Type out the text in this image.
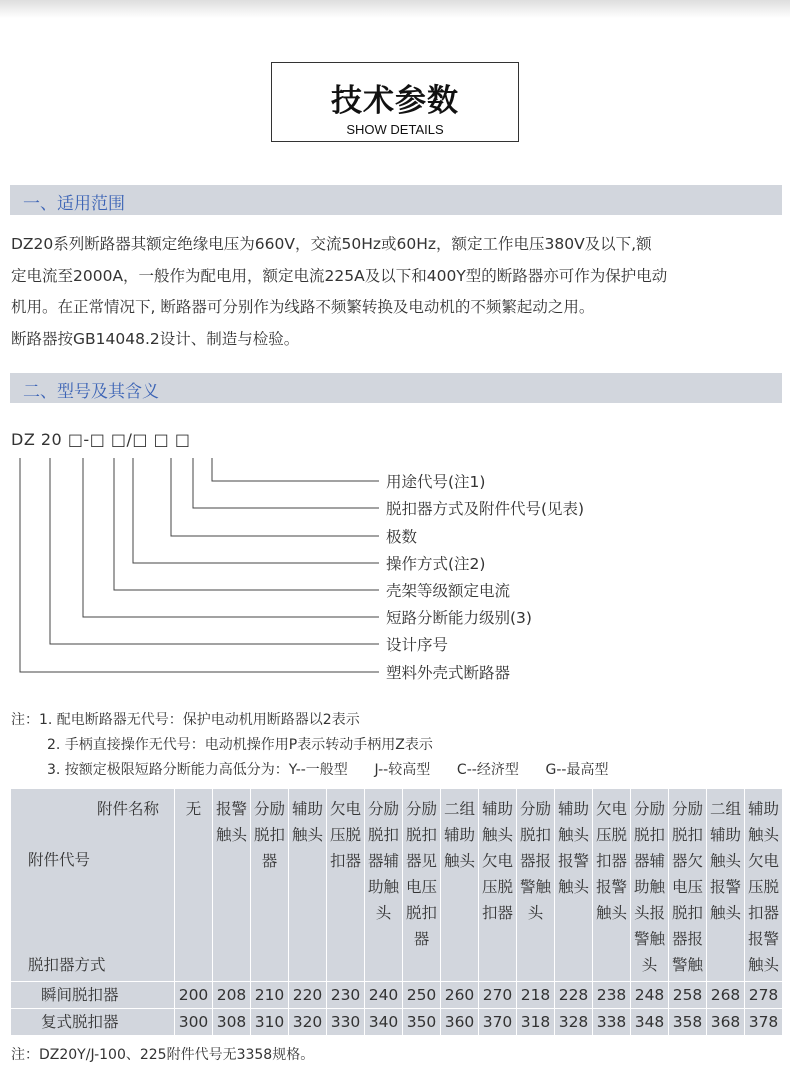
技术参数
SHOW DETAILS
一、适用范围
DZ20系列断路器其额定绝缘电压为660V，交流50Hz或60Hz，额定工作电压380V及以下,额
定电流至2000A，一般作为配电用，额定电流225A及以下和400Y型的断路器亦可作为保护电动
机用。在正常情况下, 断路器可分别作为线路不频繁转换及电动机的不频繁起动之用。
断路器按GB14048.2设计、制造与检验。
二、型号及其含义
DZ 20 □-□ □/□ □ □
用途代号(注1)
脱扣器方式及附件代号(见表)
极数
操作方式(注2)
壳架等级额定电流
短路分断能力级别(3)
设计序号
塑料外壳式断路器
注：1. 配电断路器无代号：保护电动机用断路器以2表示
2. 手柄直接操作无代号：电动机操作用P表示转动手柄用Z表示
3. 按额定极限短路分断能力高低分为：Y--一般型      J--较高型      C--经济型      G--最高型
附件名称
附件代号
脱扣器方式	无	报警触头	分励脱扣器	辅助触头	欠电压脱扣器	分励脱扣器辅助触头	分励脱扣器见电压脱扣器	二组辅助触头	辅助触头欠电压脱扣器	分励脱扣器报警触头	辅助触头报警触头	欠电压脱扣器报警触头	分励脱扣器辅助触头报警触头	分励脱扣器欠电压脱扣器报警触	二组辅助触头报警触头	辅助触头欠电压脱扣器报警触头
瞬间脱扣器	200	208	210	220	230	240	250	260	270	218	228	238	248	258	268	278
复式脱扣器	300	308	310	320	330	340	350	360	370	318	328	338	348	358	368	378
注：DZ20Y/J-100、225附件代号无3358规格。
